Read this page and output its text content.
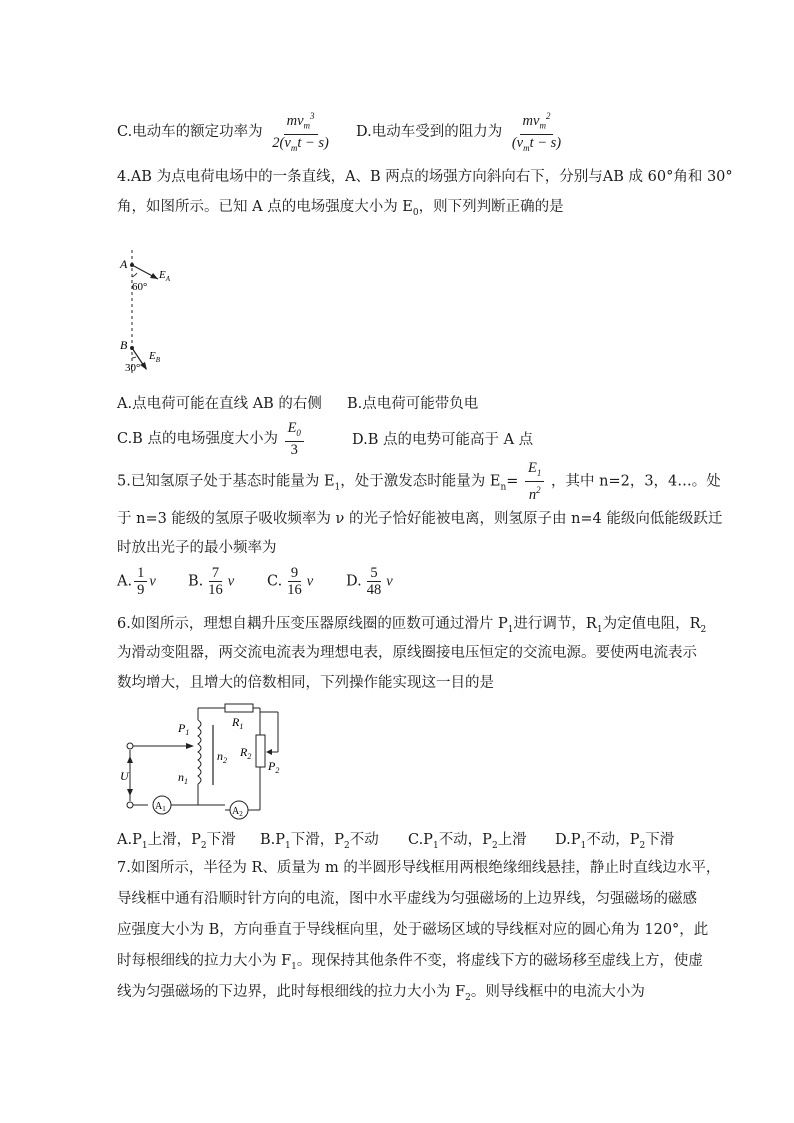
C.电动车的额定功率为 $\frac{mv_m^3}{2(v_mt - s)} D$.电动车受到的阻力为 $\frac{mv_m^2}{(v_mt - s)}$
4.AB 为点电荷电场中的一条直线，A、B 两点的场强方向斜向右下，分别与AB 成 60°角和 30°
角，如图所示。已知 A 点的电场强度大小为 $E_0$，则下列判断正确的是
A
$E_A$
60°
B
$E_B$
30°
A.点电荷可能在直线 AB 的右侧 B.点电荷可能带负电
C.B 点的电场强度大小为 $\frac{E_0}{3}$	D.B 点的电势可能高于 A 点
5.已知氢原子处于基态时能量为 $E_1$，处于激发态时能量为 $E_n= \frac{E_1}{n^2}$ ，其中 n=2，3，4…。处
于 n=3 能级的氢原子吸收频率为 ν 的光子恰好能被电离，则氢原子由 n=4 能级向低能级跃迁
时放出光子的最小频率为
A. $\frac{1}{9}$ ν B. $\frac{7}{16}$ ν C. $\frac{9}{16}$ ν D. $\frac{5}{48}$ ν
6.如图所示，理想自耦升压变压器原线圈的匝数可通过滑片 $P_1$进行调节，$R_1$为定值电阻，$R_2$
为滑动变阻器，两交流电流表为理想电表，原线圈接电压恒定的交流电源。要使两电流表示
数均增大，且增大的倍数相同，下列操作能实现这一目的是
U
$A_1$	$A_2$
$P_1$
$n_1$
$n_2$
$R_1$
$R_2$
$P_2$
$A.P_1$上滑，$P_2$下滑 $B.P_1$下滑，$P_2$不动 $C.P_1$不动，$P_2$上滑 $D.P_1$不动，$P_2$下滑
7.如图所示，半径为 R、质量为 m 的半圆形导线框用两根绝缘细线悬挂，静止时直线边水平，
导线框中通有沿顺时针方向的电流，图中水平虚线为匀强磁场的上边界线，匀强磁场的磁感
应强度大小为 B，方向垂直于导线框向里，处于磁场区域的导线框对应的圆心角为 120°，此
时每根细线的拉力大小为 $F_1$。现保持其他条件不变，将虚线下方的磁场移至虚线上方，使虚
线为匀强磁场的下边界，此时每根细线的拉力大小为 $F_2$。则导线框中的电流大小为
